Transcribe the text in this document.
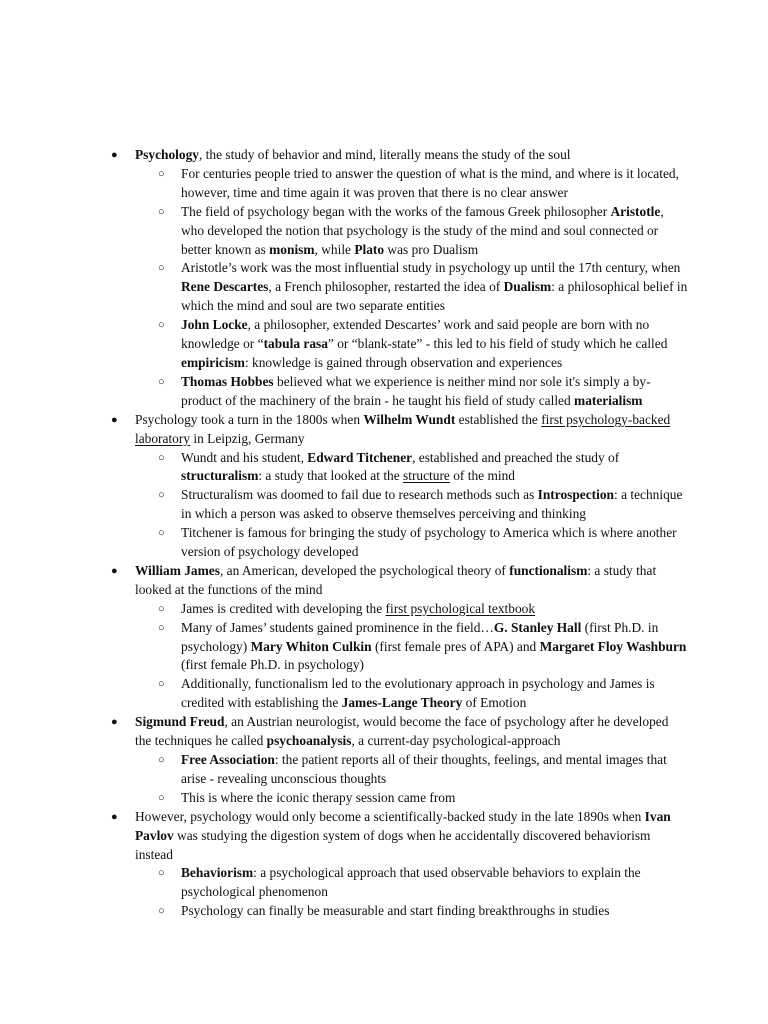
● Psychology, the study of behavior and mind, literally means the study of the soul
○ For centuries people tried to answer the question of what is the mind, and where is it located, however, time and time again it was proven that there is no clear answer
○ The field of psychology began with the works of the famous Greek philosopher Aristotle, who developed the notion that psychology is the study of the mind and soul connected or better known as monism, while Plato was pro Dualism
○ Aristotle’s work was the most influential study in psychology up until the 17th century, when Rene Descartes, a French philosopher, restarted the idea of Dualism: a philosophical belief in which the mind and soul are two separate entities
○ John Locke, a philosopher, extended Descartes’ work and said people are born with no knowledge or “tabula rasa” or “blank-state” - this led to his field of study which he called empiricism: knowledge is gained through observation and experiences
○ Thomas Hobbes believed what we experience is neither mind nor sole it's simply a by-product of the machinery of the brain - he taught his field of study called materialism
● Psychology took a turn in the 1800s when Wilhelm Wundt established the first psychology-backed laboratory in Leipzig, Germany
○ Wundt and his student, Edward Titchener, established and preached the study of structuralism: a study that looked at the structure of the mind
○ Structuralism was doomed to fail due to research methods such as Introspection: a technique in which a person was asked to observe themselves perceiving and thinking
○ Titchener is famous for bringing the study of psychology to America which is where another version of psychology developed
● William James, an American, developed the psychological theory of functionalism: a study that looked at the functions of the mind
○ James is credited with developing the first psychological textbook
○ Many of James’ students gained prominence in the field…G. Stanley Hall (first Ph.D. in psychology) Mary Whiton Culkin (first female pres of APA) and Margaret Floy Washburn (first female Ph.D. in psychology)
○ Additionally, functionalism led to the evolutionary approach in psychology and James is credited with establishing the James-Lange Theory of Emotion
● Sigmund Freud, an Austrian neurologist, would become the face of psychology after he developed the techniques he called psychoanalysis, a current-day psychological-approach
○ Free Association: the patient reports all of their thoughts, feelings, and mental images that arise - revealing unconscious thoughts
○ This is where the iconic therapy session came from
● However, psychology would only become a scientifically-backed study in the late 1890s when Ivan Pavlov was studying the digestion system of dogs when he accidentally discovered behaviorism instead
○ Behaviorism: a psychological approach that used observable behaviors to explain the psychological phenomenon
○ Psychology can finally be measurable and start finding breakthroughs in studies
